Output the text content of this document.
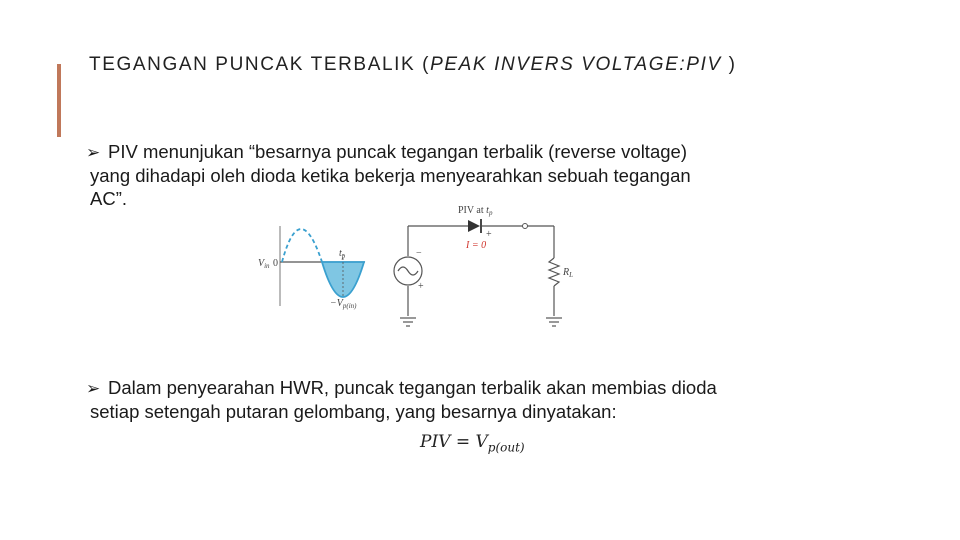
TEGANGAN PUNCAK TERBALIK (PEAK INVERS VOLTAGE:PIV )
➢ PIV menunjukan “besarnya puncak tegangan terbalik (reverse voltage)
yang dihadapi oleh dioda ketika bekerja menyearahkan sebuah tegangan
AC”.
$V_{in}$ 0
$t_p$
$-V_{p(in)}$
PIV at $t_p$
I = 0
+
−
+
$R_L$
➢ Dalam penyearahan HWR, puncak tegangan terbalik akan membias dioda
setiap setengah putaran gelombang, yang besarnya dinyatakan:
PIV = $V_{p(out)}$
